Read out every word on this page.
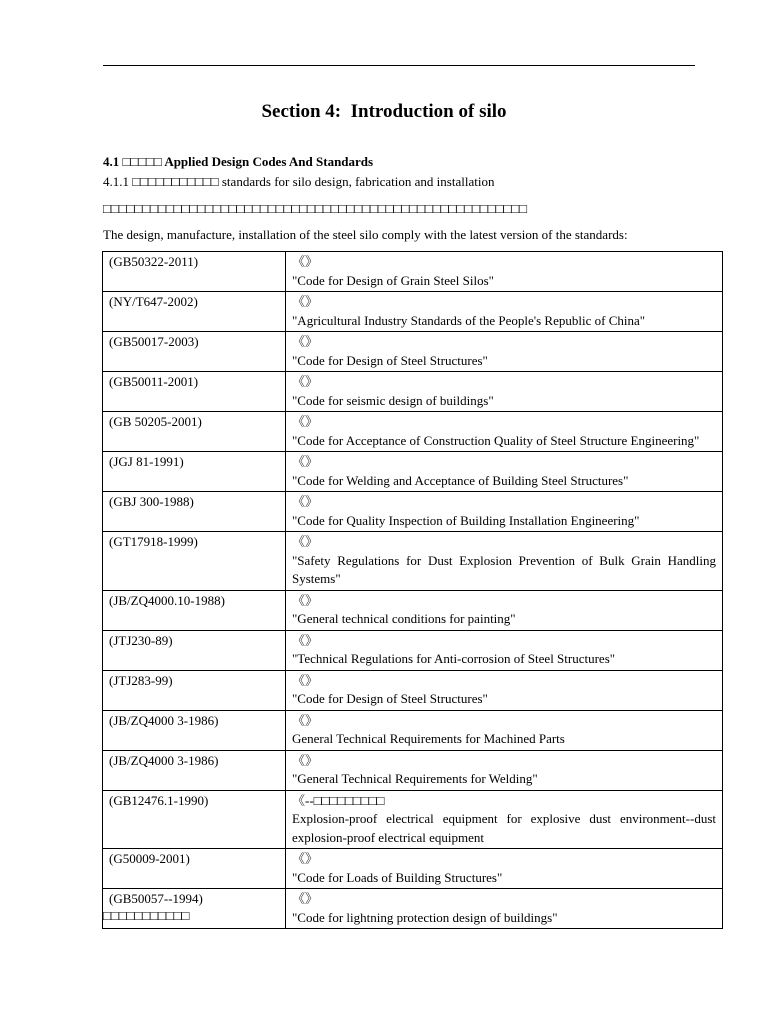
Section 4:  Introduction of silo
4.1 □□□□□ Applied Design Codes And Standards
4.1.1 □□□□□□□□□□□ standards for silo design, fabrication and installation
□□□□□□□□□□□□□□□□□□□□□□□□□□□□□□□□□□□□□□□□□□□□□□□□□□□□□□
The design, manufacture, installation of the steel silo comply with the latest version of the standards:
(GB50322-2011)	《》
"Code for Design of Grain Steel Silos"

(NY/T647-2002)	《》
"Agricultural Industry Standards of the People's Republic of China"

(GB50017-2003)	《》
"Code for Design of Steel Structures"

(GB50011-2001)	《》
"Code for seismic design of buildings"

(GB 50205-2001)	《》
"Code for Acceptance of Construction Quality of Steel Structure Engineering"

(JGJ 81-1991)	《》
"Code for Welding and Acceptance of Building Steel Structures"

(GBJ 300-1988)	《》
"Code for Quality Inspection of Building Installation Engineering"

(GT17918-1999)	《》
"Safety Regulations for Dust Explosion Prevention of Bulk Grain Handling Systems"

(JB/ZQ4000.10-1988)	《》
"General technical conditions for painting"

(JTJ230-89)	《》
"Technical Regulations for Anti-corrosion of Steel Structures"

(JTJ283-99)	《》
"Code for Design of Steel Structures"

(JB/ZQ4000 3-1986)	《》
General Technical Requirements for Machined Parts

(JB/ZQ4000 3-1986)	《》
"General Technical Requirements for Welding"

(GB12476.1-1990)	《--□□□□□□□□□
Explosion-proof electrical equipment for explosive dust environment--dust explosion-proof electrical equipment

(G50009-2001)	《》
"Code for Loads of Building Structures"

(GB50057--1994)	《》
"Code for lightning protection design of buildings"
□□□□□□□□□□□
